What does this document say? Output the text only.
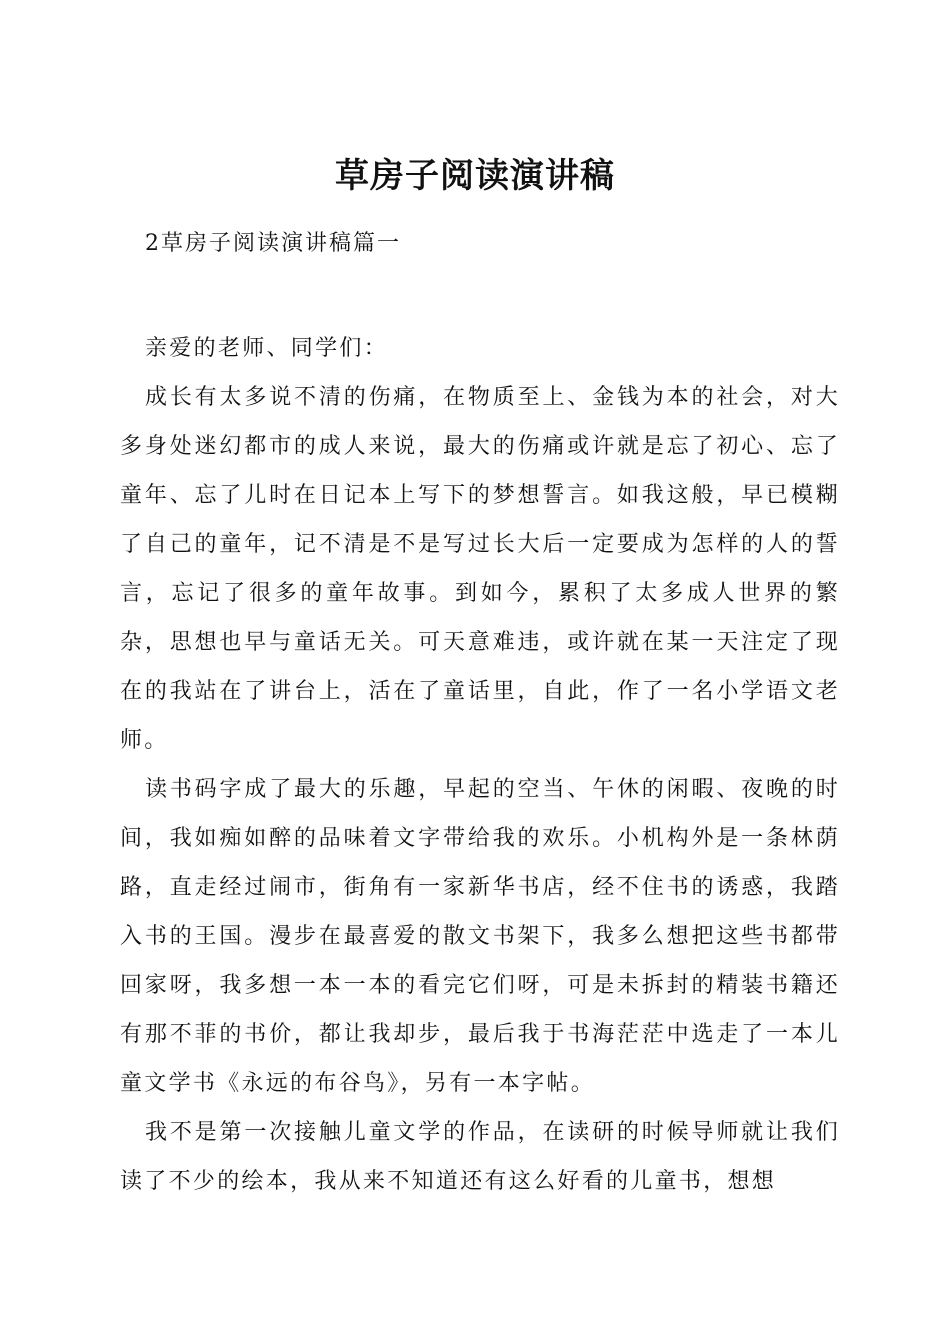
草房子阅读演讲稿

2草房子阅读演讲稿篇一

亲爱的老师、同学们：

成长有太多说不清的伤痛，在物质至上、金钱为本的社会，对大多身处迷幻都市的成人来说，最大的伤痛或许就是忘了初心、忘了童年、忘了儿时在日记本上写下的梦想誓言。如我这般，早已模糊了自己的童年，记不清是不是写过长大后一定要成为怎样的人的誓言，忘记了很多的童年故事。到如今，累积了太多成人世界的繁杂，思想也早与童话无关。可天意难违，或许就在某一天注定了现在的我站在了讲台上，活在了童话里，自此，作了一名小学语文老师。

读书码字成了最大的乐趣，早起的空当、午休的闲暇、夜晚的时间，我如痴如醉的品味着文字带给我的欢乐。小机构外是一条林荫路，直走经过闹市，街角有一家新华书店，经不住书的诱惑，我踏入书的王国。漫步在最喜爱的散文书架下，我多么想把这些书都带回家呀，我多想一本一本的看完它们呀，可是未拆封的精装书籍还有那不菲的书价，都让我却步，最后我于书海茫茫中选走了一本儿童文学书《永远的布谷鸟》，另有一本字帖。

我不是第一次接触儿童文学的作品，在读研的时候导师就让我们读了不少的绘本，我从来不知道还有这么好看的儿童书，想想
